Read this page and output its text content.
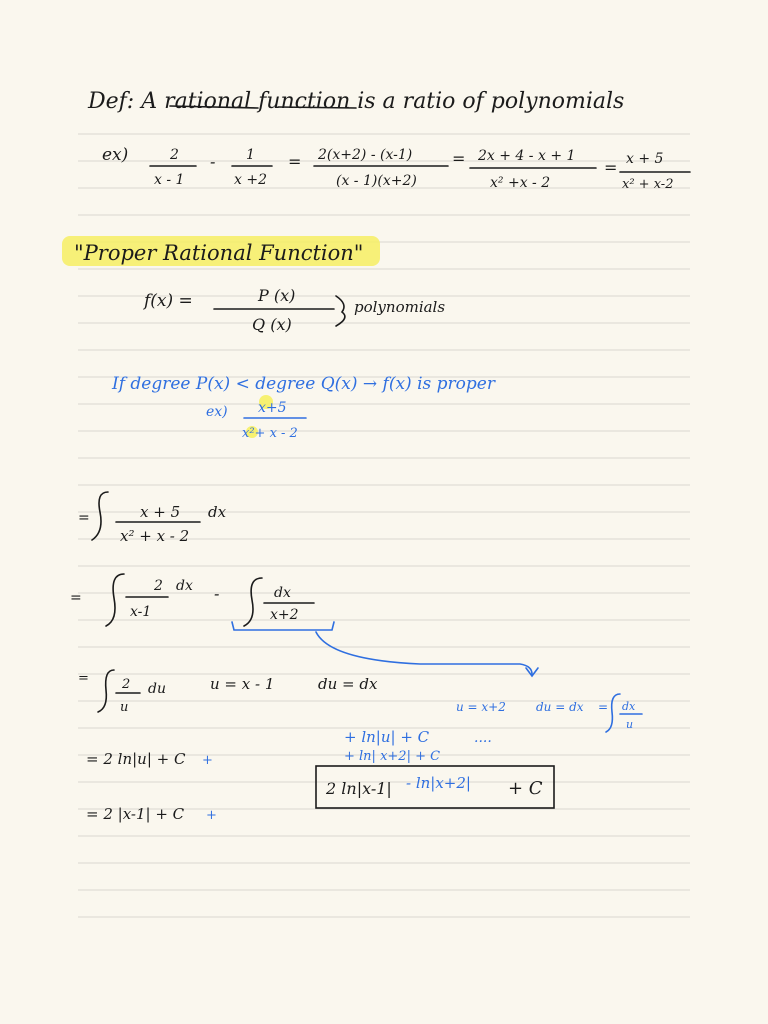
Def: A rational function is a ratio of polynomials
ex)	2
x - 1
- 1
x +2
= 2(x+2) - (x-1)
(x - 1)(x+2)
= 2x + 4 - x + 1
x² +x - 2
= x + 5
x² + x-2
"Proper Rational Function"
f(x) =	P (x)
Q (x)
polynomials
If degree P(x) < degree Q(x) → f(x) is proper
ex) x+5
x²+ x - 2
=	x + 5 dx
x² + x - 2
=
2 dx
x-1
-	dx
x+2
=	2
u
du	u = x - 1	du = dx
u = x+2	du = dx = dx
u
+ ln|u| + C	....
+ ln| x+2| + C
= 2 ln|u| + C +
= 2 |x-1| + C +
2 ln|x-1| - ln|x+2| + C
